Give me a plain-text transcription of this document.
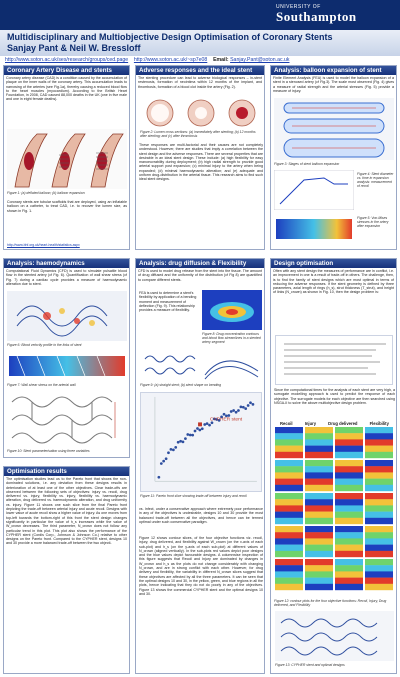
UNIVERSITY OF
Southampton
Multidisciplinary and Multiobjective Design Optimisation of Coronary Stents
Sanjay Pant & Neil W. Bressloff
http://www.soton.ac.uk/ses/research/groups/ced.page http://www.soton.ac.uk/~sp7e08 Email: Sanjay.Pant@soton.ac.uk
Coronary Artery Disease and stents
Coronary artery disease (CAD) is a condition caused by the accumulation of plaque on the inner walls of the coronary artery. This accumulation leads to narrowing of the arteries (see Fig.1a), thereby causing a reduced blood flow to the heart muscles (myocardium). According to the British Heart Foundation, in 2008, CAD caused 88,000 deaths in the UK (one in five male and one in eight female deaths).
Figure 1: (a) deflated balloon; (b) balloon expansion
Coronary stents are tubular scaffolds that are deployed, using an inflatable balloon on a catheter, to treat CAD, i.e. to recover the lumen size, as shown in Fig. 1.
http://www.bhf.org.uk/heart-health/statistics.aspx
Analysis: haemodynamics
Computational Fluid Dynamics (CFD) is used to simulate pulsatile blood flow in the stented artery (cf Fig. 6). Quantification of wall shear stress (cf Fig. 7) during a cardiac cycle provides a measure of haemodynamic alteration due to stent.
Figure 6: Blood velocity profile in the links of stent
Figure 7: Wall shear stress on the arterial wall
Figure 10: Stent parameterisation using three variables
Optimisation results
The optimisation studies lead us to the Pareto front that shows the non-dominated solutions, i.e. any deviation from these designs results in deterioration of at least one of the other objectives. Clear trade-offs are observed between the following sets of objectives: injury vs. recoil, drug delivered vs. injury, flexibility vs. injury, flexibility vs. haemodynamic alteration, drug delivered vs. haemodynamic alteration, and drug uniformity vs. injury. Figure 11 shows one such slice from the final Pareto front depicting the trade-off between arterial injury and acute recoil. Designs with lower value of acute recoil show a higher value of injury. As one moves from top-left towards the bottom-right of this front the stent design changes significantly in particular the value of h_s increases while the value of W_crown decreases. The third parameter, N_crown does not follow any particular trend in this plot. This plot also shows the performance of the CYPHER stent (Cordis Corp., Johnson & Johnson Co.) relative to other designs on the Pareto front. Compared to the CYPHER stent, designs 10 and 30 provide a more balanced trade-off between the two objecti-
Adverse responses and the ideal stent
The stenting procedure can lead to adverse biological responses – in-stent restenosis, formation of neointima within 12 months of the implant, and thrombosis, formation of a blood clot inside the artery (Fig. 2).
Figure 2: Lumen cross sections: (a) immediately after stenting; (b) 12 months after stenting; and (c) after thrombosis
These responses are multi-factorial and their causes are not completely understood. However, there are studies that imply a correlation between the stent design and the adverse responses. There are several properties that are desirable in an ideal stent design. These include: (a) high flexibility for easy manoeuvrability during deployment; (b) high radial strength to provide good arterial support post expansion; (c) minimal injury to the artery when being expanded; (d) minimal haemodynamic alteration; and (e) adequate and uniform drug-distribution in the arterial tissue. This research aims to find such ideal stent designs.
Analysis: drug diffusion & Flexibility
CFD is used to model drug release from the stent into the tissue. The amount of drug diffused and the uniformity of the distribution (cf Fig 8) are quantified to compare different stents.
FEA is used to determine a stent's flexibility by application of a bending moment and measurement of deflection (Fig. 9). This relationship provides a measure of flexibility.
Figure 8: Drug concentration contours and blood flow streamlines in a stented artery segment
Figure 9: (a) straight stent; (b) stent shape on bending
CYPHER stent
Figure 11: Pareto front slice showing trade-off between injury and recoil
vs. Infect, under a conservative approach where extremely poor performance in any of the objectives is undesirable, designs 10 and 30 provide the most balanced trade-off between all the objectives, and hence can be termed optimal under such conservative paradigm.
Figure 12 shows contour slices, of the four objective functions viz. recoil, injury, drug delivered, and flexibility against W_crown (on the x-axis of each sub-plot) and h_s (on the y-axis of each sub-plot) at different values of N_crown (aligned vertically). In the sub-plots red values depict poor designs and the blue values depict favourable designs. A columnwise inspection of this figure suggests that Recoil and Injury are dominated by changes in W_crown and h_s as the plots do not change considerably with changing N_crown, and are in strong conflict with each other. However, for drug delivery and flexibility, the variability in different N_crown slices suggest that these objectives are affected by all the three parameters. It can be seen that the optimal designs 10 and 30, in the yellow, green, and blue regions in all the plots, hence indicating that they do not do poorly in any of the objectives. Figure 13 shows the commercial CYPHER stent and the optimal designs 10 and 30.
Analysis: balloon expansion of stent
Finite Element Analysis (FEA) is used to model the balloon expansion of a stent in a stenosed artery (cf Fig.3). The scale most observed (Fig. 4) gives a measure of radial strength and the arterial stresses (Fig. 5) provide a measure of injury.
Figure 3: Stages of stent balloon expansion
Figure 4: Stent diameter vs. time in expansion analysis: measurement of recoil
Figure 5: Von-Mises stresses in the artery after expansion
Design optimisation
Often with any stent design the measures of performance are in conflict, i.e. an improvement in one is a result of trade-off in others. The challenge, then, is to find the family of stent designs which are most optimal in terms of reducing the adverse responses. If the stent geometry is defined by three parameters, axial length of rings (h_s), strut thickness (T_strut), and height of links (N_crown) as shown in Fig. 10, then the design problem is:
Since the computational times for the analysis of each stent are very high, a surrogate modelling approach is used to predict the response of each objective. The surrogate models for each objective are then searched using NSGA-II to solve the above multiobjective design problem.
Recoil	Injury	Drug delivered	Flexibility
Figure 12: contour plots for the four objective functions: Recoil, Injury, Drug delivered, and Flexibility
Figure 13: CYPHER stent and optimal designs
